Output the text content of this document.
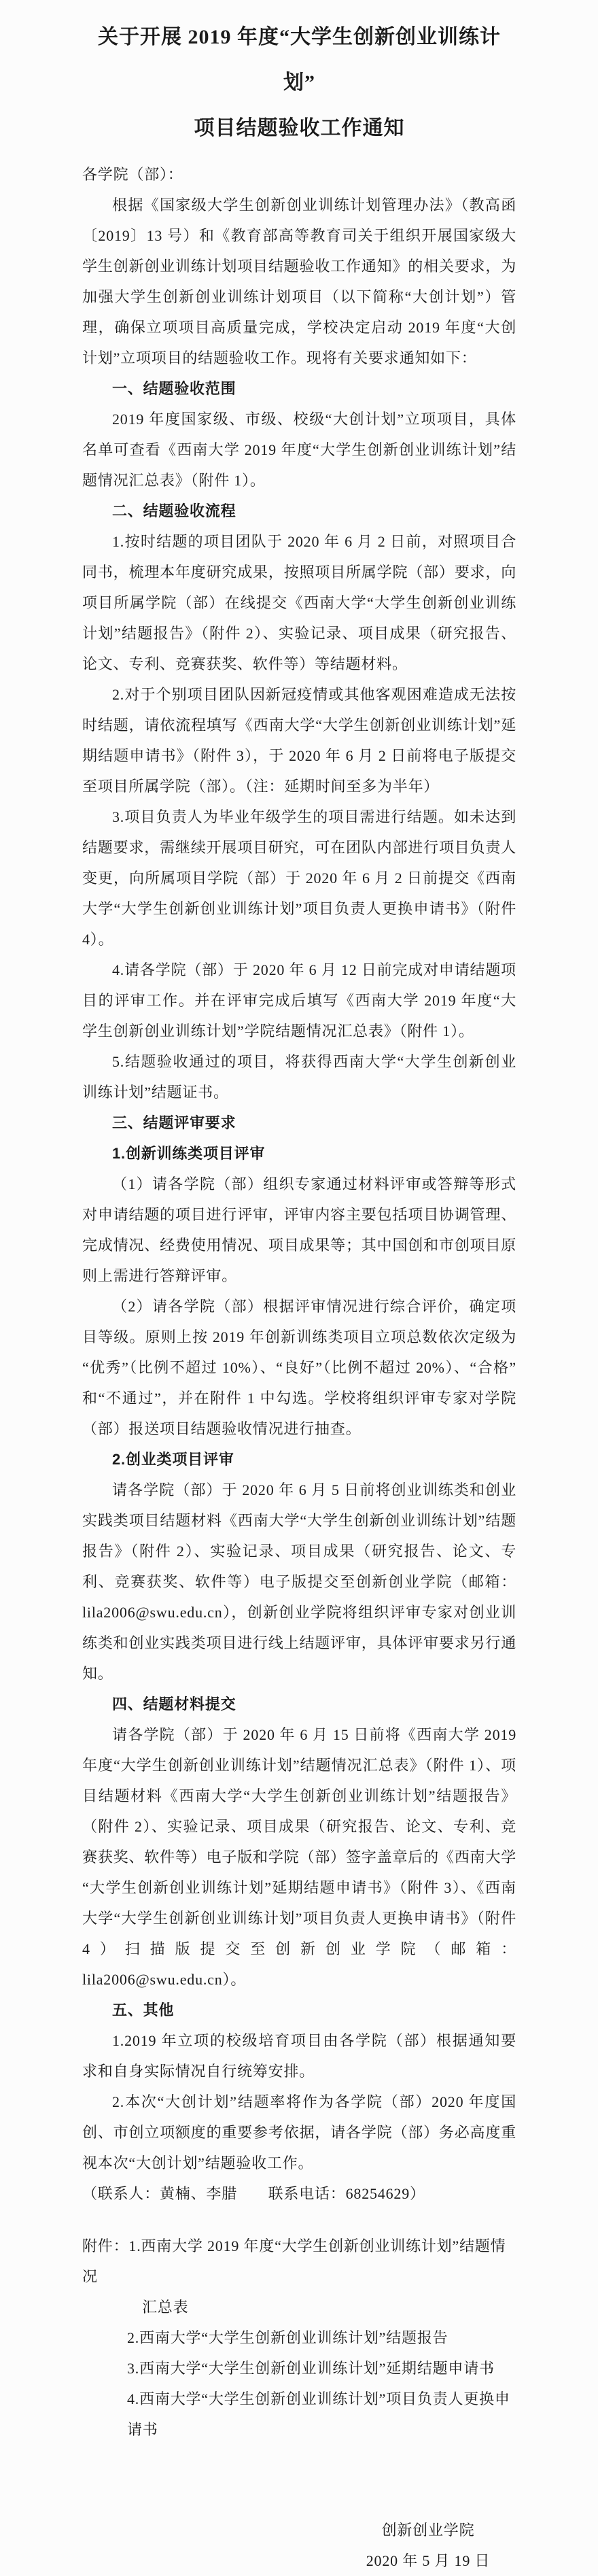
关于开展 2019 年度“大学生创新创业训练计划”
项目结题验收工作通知

各学院（部）：

根据《国家级大学生创新创业训练计划管理办法》（教高函〔2019〕13 号）和《教育部高等教育司关于组织开展国家级大学生创新创业训练计划项目结题验收工作通知》的相关要求，为加强大学生创新创业训练计划项目（以下简称“大创计划”）管理，确保立项项目高质量完成，学校决定启动 2019 年度“大创计划”立项项目的结题验收工作。现将有关要求通知如下：

一、结题验收范围

2019 年度国家级、市级、校级“大创计划”立项项目，具体名单可查看《西南大学 2019 年度“大学生创新创业训练计划”结题情况汇总表》（附件 1）。

二、结题验收流程

1.按时结题的项目团队于 2020 年 6 月 2 日前，对照项目合同书，梳理本年度研究成果，按照项目所属学院（部）要求，向项目所属学院（部）在线提交《西南大学“大学生创新创业训练计划”结题报告》（附件 2）、实验记录、项目成果（研究报告、论文、专利、竞赛获奖、软件等）等结题材料。

2.对于个别项目团队因新冠疫情或其他客观困难造成无法按时结题，请依流程填写《西南大学“大学生创新创业训练计划”延期结题申请书》（附件 3），于 2020 年 6 月 2 日前将电子版提交至项目所属学院（部）。（注：延期时间至多为半年）

3.项目负责人为毕业年级学生的项目需进行结题。如未达到结题要求，需继续开展项目研究，可在团队内部进行项目负责人变更，向所属项目学院（部）于 2020 年 6 月 2 日前提交《西南大学“大学生创新创业训练计划”项目负责人更换申请书》（附件 4）。

4.请各学院（部）于 2020 年 6 月 12 日前完成对申请结题项目的评审工作。并在评审完成后填写《西南大学 2019 年度“大学生创新创业训练计划”学院结题情况汇总表》（附件 1）。

5.结题验收通过的项目，将获得西南大学“大学生创新创业训练计划”结题证书。

三、结题评审要求
1.创新训练类项目评审

（1）请各学院（部）组织专家通过材料评审或答辩等形式对申请结题的项目进行评审，评审内容主要包括项目协调管理、完成情况、经费使用情况、项目成果等；其中国创和市创项目原则上需进行答辩评审。

（2）请各学院（部）根据评审情况进行综合评价，确定项目等级。原则上按 2019 年创新训练类项目立项总数依次定级为“优秀”（比例不超过 10%）、“良好”（比例不超过 20%）、“合格”和“不通过”，并在附件 1 中勾选。学校将组织评审专家对学院（部）报送项目结题验收情况进行抽查。

2.创业类项目评审

请各学院（部）于 2020 年 6 月 5 日前将创业训练类和创业实践类项目结题材料《西南大学“大学生创新创业训练计划”结题报告》（附件 2）、实验记录、项目成果（研究报告、论文、专利、竞赛获奖、软件等）电子版提交至创新创业学院（邮箱：lila2006@swu.edu.cn），创新创业学院将组织评审专家对创业训练类和创业实践类项目进行线上结题评审，具体评审要求另行通知。

四、结题材料提交

请各学院（部）于 2020 年 6 月 15 日前将《西南大学 2019 年度“大学生创新创业训练计划”结题情况汇总表》（附件 1）、项目结题材料《西南大学“大学生创新创业训练计划”结题报告》（附件 2）、实验记录、项目成果（研究报告、论文、专利、竞赛获奖、软件等）电子版和学院（部）签字盖章后的《西南大学“大学生创新创业训练计划”延期结题申请书》（附件 3）、《西南大学“大学生创新创业训练计划”项目负责人更换申请书》（附件 4）扫描版提交至创新创业学院（邮箱：lila2006@swu.edu.cn）。

五、其他

1.2019 年立项的校级培育项目由各学院（部）根据通知要求和自身实际情况自行统筹安排。

2.本次“大创计划”结题率将作为各学院（部）2020 年度国创、市创立项额度的重要参考依据，请各学院（部）务必高度重视本次“大创计划”结题验收工作。

（联系人：黄楠、李腊　　联系电话：68254629）

附件：1.西南大学 2019 年度“大学生创新创业训练计划”结题情况
汇总表
2.西南大学“大学生创新创业训练计划”结题报告
3.西南大学“大学生创新创业训练计划”延期结题申请书
4.西南大学“大学生创新创业训练计划”项目负责人更换申请书
创新创业学院
2020 年 5 月 19 日
